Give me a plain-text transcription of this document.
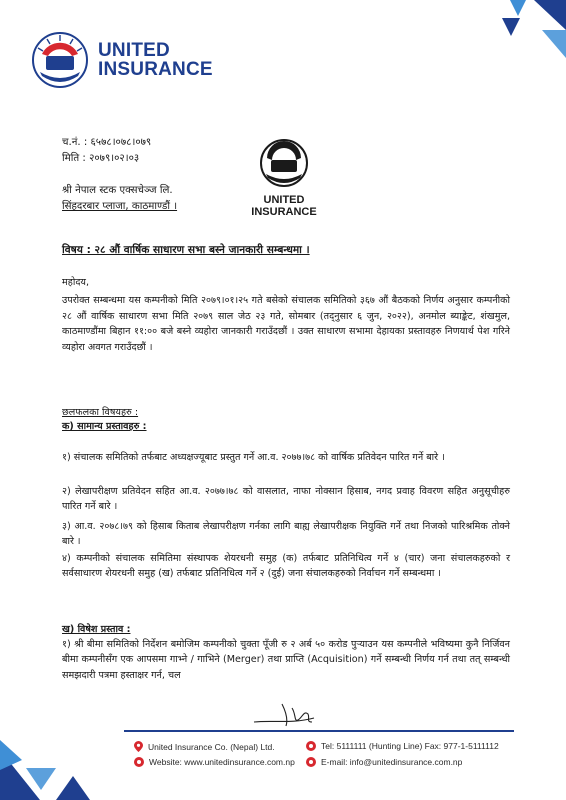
UNITED
INSURANCE
च.नं. : ६५७८।०७८।०७९
मिति : २०७९।०२।०३
श्री नेपाल स्टक एक्सचेञ्ज लि.
सिंहदरबार प्लाजा, काठमाण्डौं ।
UNITED
INSURANCE
विषय : २८ औं वार्षिक साधारण सभा बस्ने जानकारी सम्बन्धमा ।
महोदय,
उपरोक्त सम्बन्धमा यस कम्पनीको मिति २०७९।०१।२५ गते बसेको संचालक समितिको ३६७ औं बैठकको निर्णय अनुसार कम्पनीको २८ औं वार्षिक साधारण सभा मिति २०७९ साल जेठ २३ गते, सोमबार (तद्नुसार ६ जुन, २०२२), अनमोल ब्याङ्केट, शंखमुल, काठमाण्डौंमा बिहान ११:०० बजे बस्ने व्यहोरा जानकारी गराउँदछौं । उक्त साधारण सभामा देहायका प्रस्तावहरु निणयार्थ पेश गरिने व्यहोरा अवगत गराउँदछौं ।
छलफलका विषयहरु :
क) सामान्य प्रस्तावहरु :
१) संचालक समितिको तर्फबाट अध्यक्षज्यूबाट प्रस्तुत गर्ने आ.व. २०७७।७८ को वार्षिक प्रतिवेदन पारित गर्ने बारे ।
२) लेखापरीक्षण प्रतिवेदन सहित आ.व. २०७७।७८ को वासलात, नाफा नोक्सान हिसाब, नगद प्रवाह विवरण सहित अनुसूचीहरु पारित गर्ने बारे ।
३) आ.व. २०७८।७९ को हिसाब किताब लेखापरीक्षण गर्नका लागि बाह्य लेखापरीक्षक नियुक्ति गर्ने तथा निजको पारिश्रमिक तोक्ने बारे ।
४) कम्पनीको संचालक समितिमा संस्थापक शेयरधनी समुह (क) तर्फबाट प्रतिनिधित्व गर्ने ४ (चार) जना संचालकहरुको र सर्वसाधारण शेयरधनी समुह (ख) तर्फबाट प्रतिनिधित्व गर्ने २ (दुई) जना संचालकहरुको निर्वाचन गर्ने सम्बन्धमा ।
ख) विषेश प्रस्ताव :
१) श्री बीमा समितिको निर्देशन बमोजिम कम्पनीको चुक्ता पूँजी रु २ अर्ब ५० करोड पुऱ्याउन यस कम्पनीले भविष्यमा कुनै निर्जिवन बीमा कम्पनीसँग एक आपसमा गाभ्ने / गाभिने (Merger) तथा प्राप्ति (Acquisition) गर्ने सम्बन्धी निर्णय गर्न तथा तत् सम्बन्धी समझदारी पत्रमा हस्ताक्षर गर्न, चल
United Insurance Co. (Nepal) Ltd.
Website: www.unitedinsurance.com.np
Tel: 5111111 (Hunting Line) Fax: 977-1-5111112
E-mail: info@unitedinsurance.com.np
